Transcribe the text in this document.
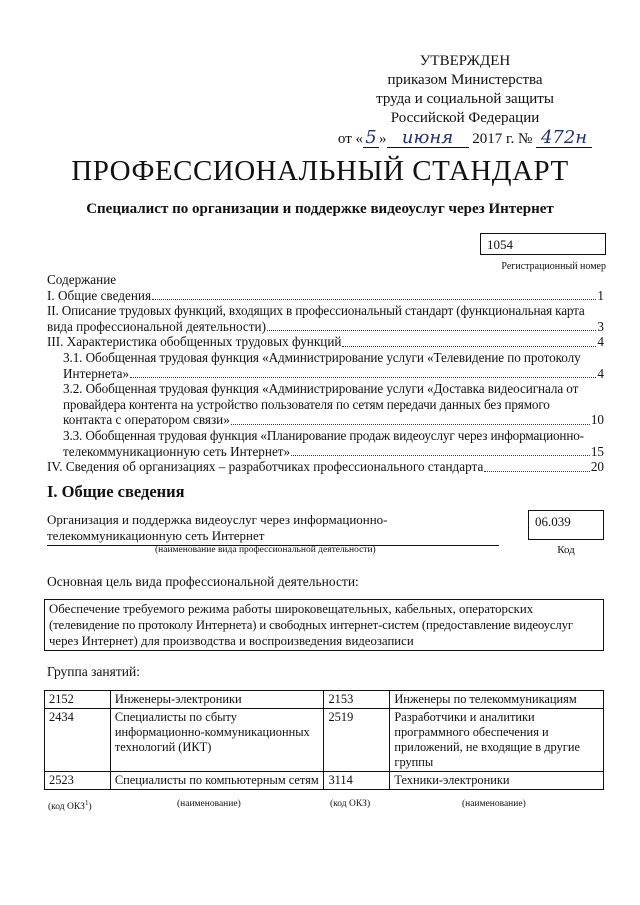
УТВЕРЖДЕН
приказом Министерства
труда и социальной защиты
Российской Федерации
от « 5 » июня 2017 г. № 472н
ПРОФЕССИОНАЛЬНЫЙ СТАНДАРТ
Специалист по организации и поддержке видеоуслуг через Интернет
1054
Регистрационный номер

Содержание

I. Общие сведения	1

II. Описание трудовых функций, входящих в профессиональный стандарт (функциональная карта

вида профессиональной деятельности)	3
III. Характеристика обобщенных трудовых функций	4

3.1. Обобщенная трудовая функция «Администрирование услуги «Телевидение по протоколу

Интернета»	4

3.2. Обобщенная трудовая функция «Администрирование услуги «Доставка видеосигнала от

провайдера контента на устройство пользователя по сетям передачи данных без прямого

контакта с оператором связи»	10

3.3. Обобщенная трудовая функция «Планирование продаж видеоуслуг через информационно-

телекоммуникационную сеть Интернет»	15
IV. Сведения об организациях – разработчиках профессионального стандарта	20
I. Общие сведения
Организация и поддержка видеоуслуг через информационно-
телекоммуникационную сеть Интернет
(наименование вида профессиональной деятельности)
06.039
Код
Основная цель вида профессиональной деятельности:
Обеспечение требуемого режима работы широковещательных, кабельных, операторских
(телевидение по протоколу Интернета) и свободных интернет-систем (предоставление видеоуслуг
через Интернет) для производства и воспроизведения видеозаписи
Группа занятий:
2152	Инженеры-электроники	2153	Инженеры по телекоммуникациям
2434	Специалисты по сбыту информационно-коммуникационных технологий (ИКТ)	2519	Разработчики и аналитики программного обеспечения и приложений, не входящие в другие группы
2523	Специалисты по компьютерным сетям	3114	Техники-электроники
(код ОКЗ$^1$)	(наименование)	(код ОКЗ)	(наименование)
